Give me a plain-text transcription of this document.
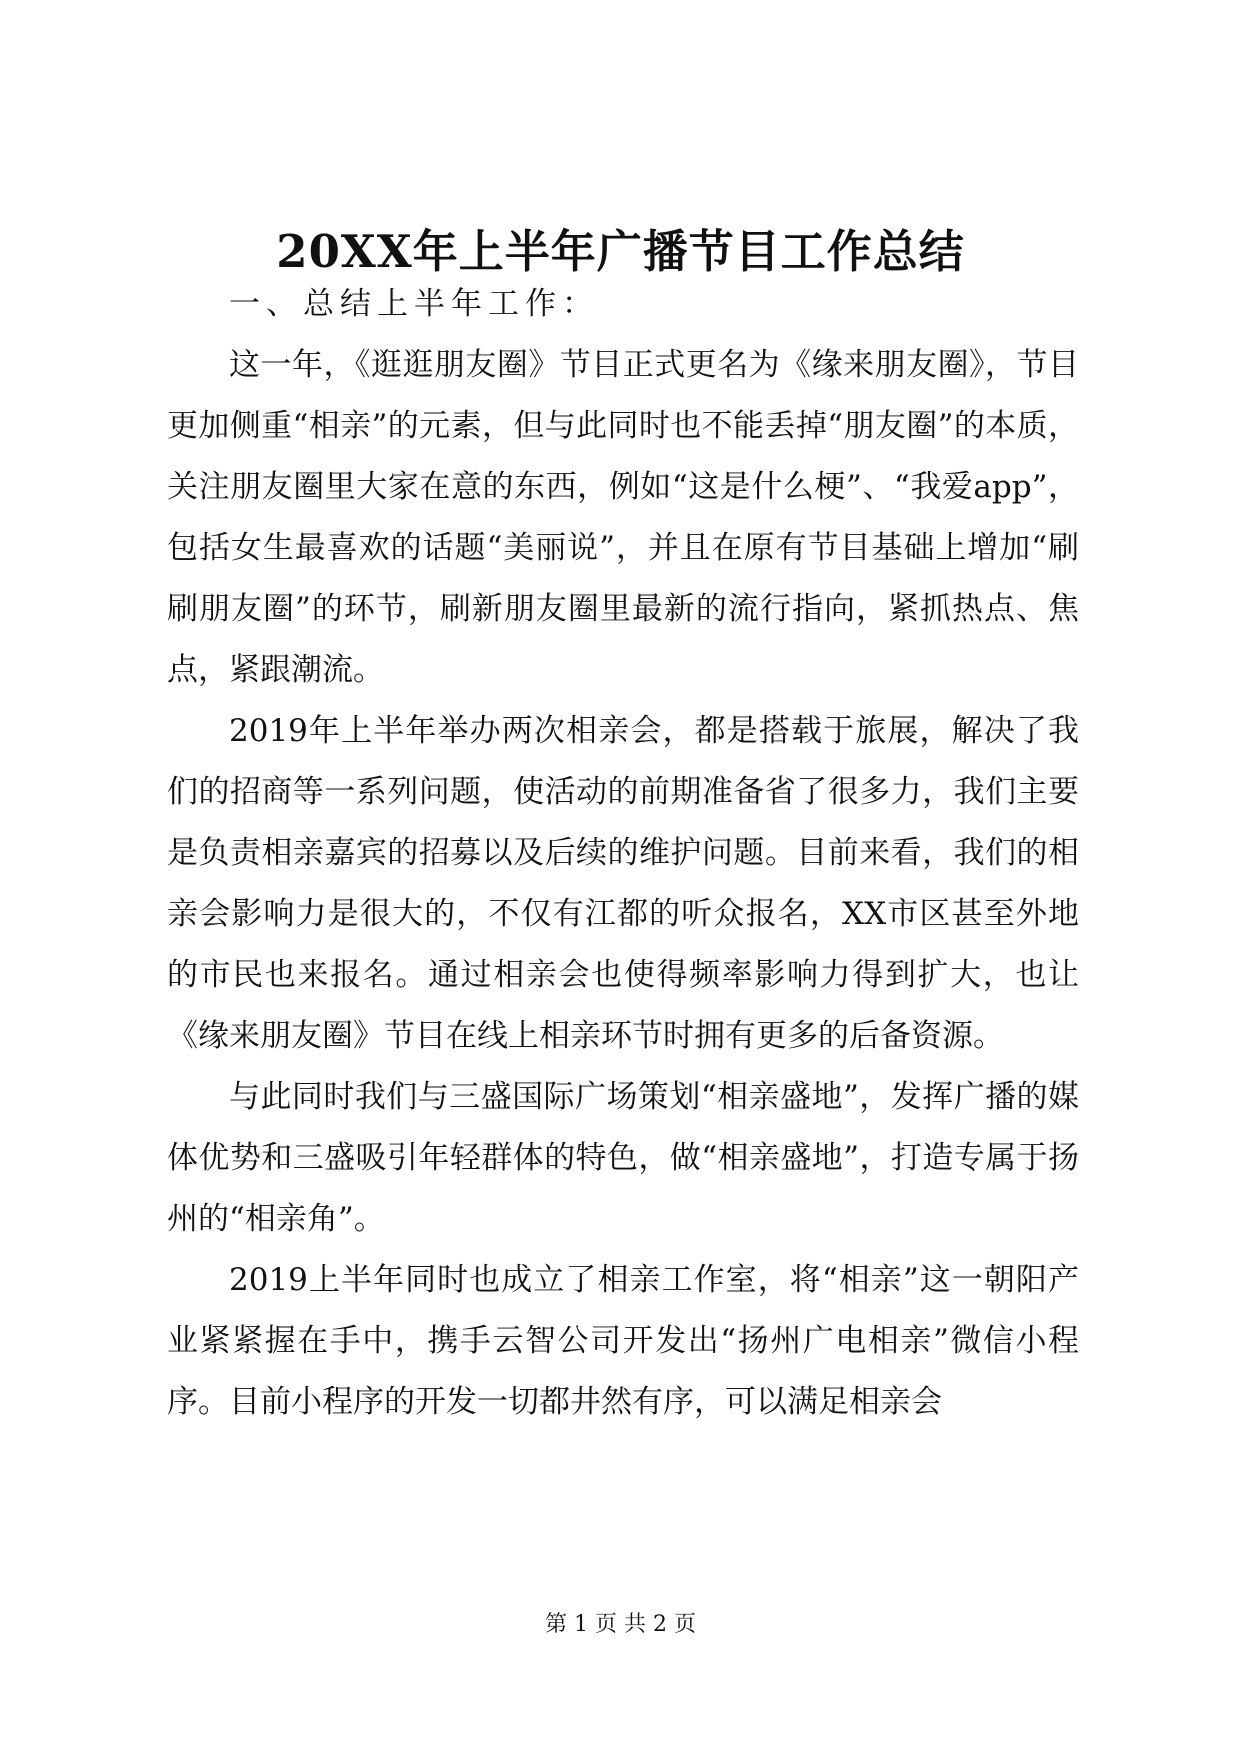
20XX年上半年广播节目工作总结

一、总结上半年工作：

这一年，《逛逛朋友圈》节目正式更名为《缘来朋友圈》，节目更加侧重“相亲”的元素，但与此同时也不能丢掉“朋友圈”的本质，关注朋友圈里大家在意的东西，例如“这是什么梗”、“我爱app”，包括女生最喜欢的话题“美丽说”，并且在原有节目基础上增加“刷刷朋友圈”的环节，刷新朋友圈里最新的流行指向，紧抓热点、焦点，紧跟潮流。

2019年上半年举办两次相亲会，都是搭载于旅展，解决了我们的招商等一系列问题，使活动的前期准备省了很多力，我们主要是负责相亲嘉宾的招募以及后续的维护问题。目前来看，我们的相亲会影响力是很大的，不仅有江都的听众报名，XX市区甚至外地的市民也来报名。通过相亲会也使得频率影响力得到扩大，也让《缘来朋友圈》节目在线上相亲环节时拥有更多的后备资源。

与此同时我们与三盛国际广场策划“相亲盛地”，发挥广播的媒体优势和三盛吸引年轻群体的特色，做“相亲盛地”，打造专属于扬州的“相亲角”。

2019上半年同时也成立了相亲工作室，将“相亲”这一朝阳产业紧紧握在手中，携手云智公司开发出“扬州广电相亲”微信小程序。目前小程序的开发一切都井然有序，可以满足相亲会

第 1 页 共 2 页
